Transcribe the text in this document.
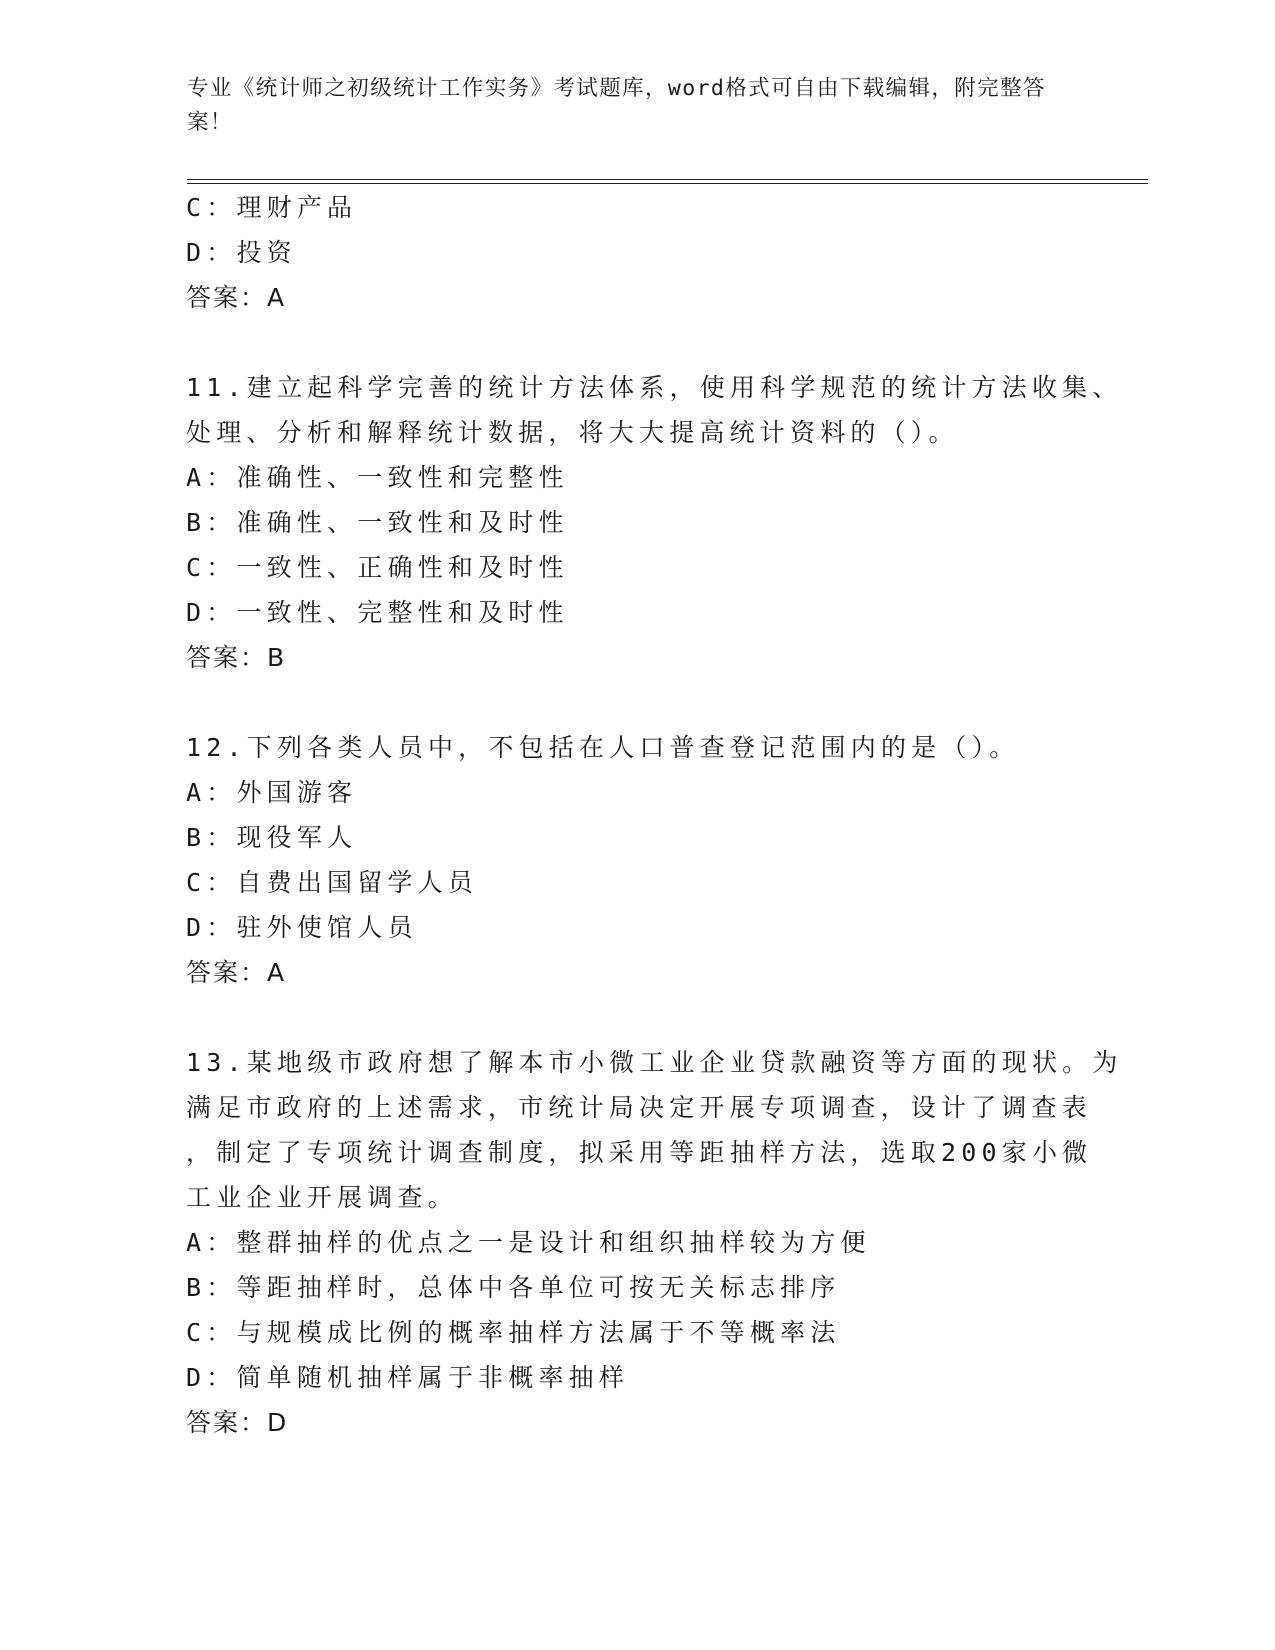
专业《统计师之初级统计工作实务》考试题库，word格式可自由下载编辑，附完整答案！
C：理财产品
D：投资
答案：A
11.建立起科学完善的统计方法体系，使用科学规范的统计方法收集、
处理、分析和解释统计数据，将大大提高统计资料的（）。
A：准确性、一致性和完整性
B：准确性、一致性和及时性
C：一致性、正确性和及时性
D：一致性、完整性和及时性
答案：B
12.下列各类人员中，不包括在人口普查登记范围内的是（）。
A：外国游客
B：现役军人
C：自费出国留学人员
D：驻外使馆人员
答案：A
13.某地级市政府想了解本市小微工业企业贷款融资等方面的现状。为
满足市政府的上述需求，市统计局决定开展专项调查，设计了调查表
，制定了专项统计调查制度，拟采用等距抽样方法，选取200家小微
工业企业开展调查。
A：整群抽样的优点之一是设计和组织抽样较为方便
B：等距抽样时，总体中各单位可按无关标志排序
C：与规模成比例的概率抽样方法属于不等概率法
D：简单随机抽样属于非概率抽样
答案：D
